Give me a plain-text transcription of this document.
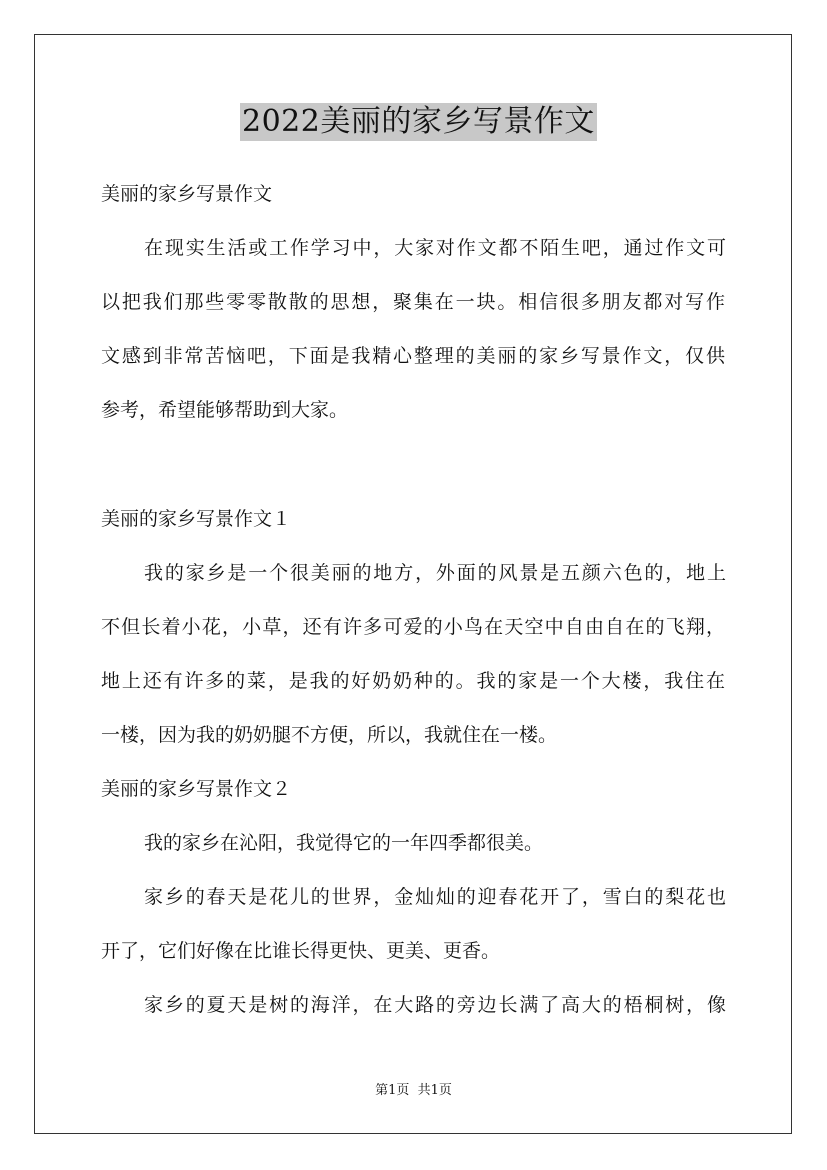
2022美丽的家乡写景作文
美丽的家乡写景作文
在现实生活或工作学习中，大家对作文都不陌生吧，通过作文可
以把我们那些零零散散的思想，聚集在一块。相信很多朋友都对写作
文感到非常苦恼吧，下面是我精心整理的美丽的家乡写景作文，仅供
参考，希望能够帮助到大家。
美丽的家乡写景作文１
我的家乡是一个很美丽的地方，外面的风景是五颜六色的，地上
不但长着小花，小草，还有许多可爱的小鸟在天空中自由自在的飞翔，
地上还有许多的菜，是我的好奶奶种的。我的家是一个大楼，我住在
一楼，因为我的奶奶腿不方便，所以，我就住在一楼。
美丽的家乡写景作文２
我的家乡在沁阳，我觉得它的一年四季都很美。
家乡的春天是花儿的世界，金灿灿的迎春花开了，雪白的梨花也
开了，它们好像在比谁长得更快、更美、更香。
家乡的夏天是树的海洋，在大路的旁边长满了高大的梧桐树，像
第1页  共1页
